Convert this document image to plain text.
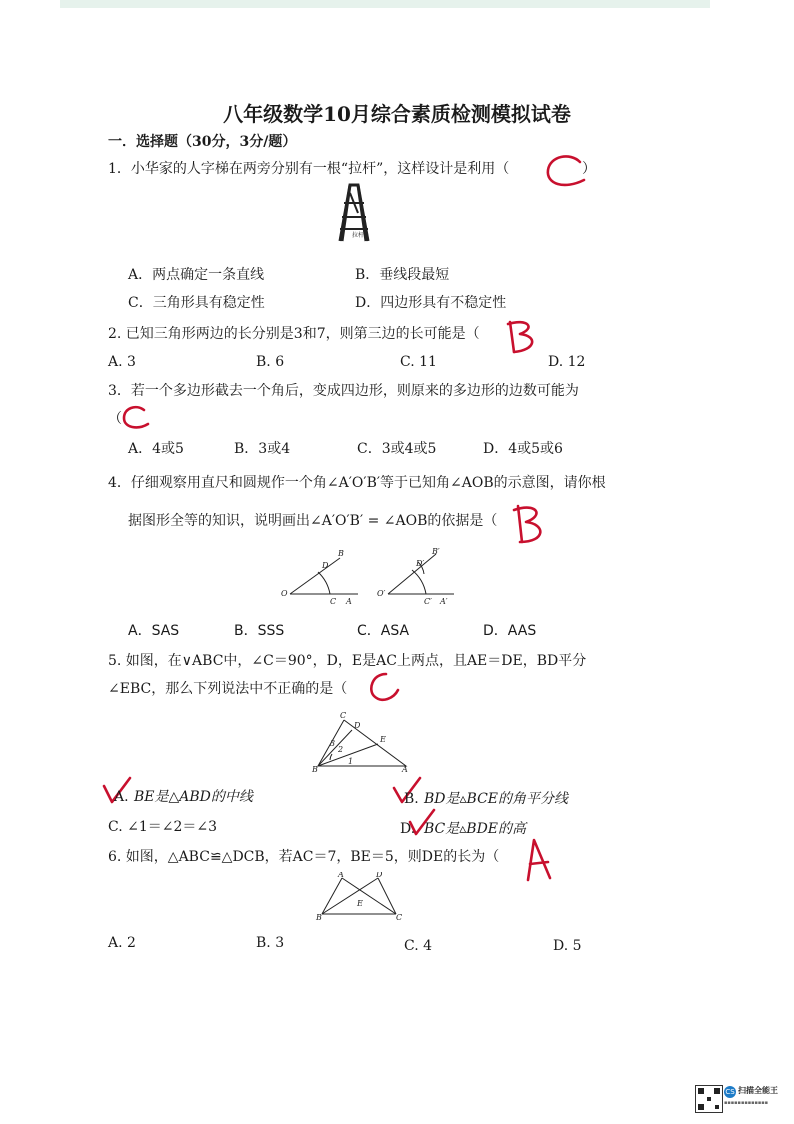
八年级数学10月综合素质检测模拟试卷
一．选择题（30分，3分/题）
1．小华家的人字梯在两旁分别有一根“拉杆”，这样设计是利用（	）
拉杆
A．两点确定一条直线	B．垂线段最短
C．三角形具有稳定性	D．四边形具有不稳定性
2. 已知三角形两边的长分别是3和7，则第三边的长可能是（
A. 3	B. 6	C. 11	D. 12
3．若一个多边形截去一个角后，变成四边形，则原来的多边形的边数可能为
（
A．4或5	B．3或4	C．3或4或5	D．4或5或6
4．仔细观察用直尺和圆规作一个角∠A′O′B′等于已知角∠AOB的示意图，请你根
据图形全等的知识，说明画出∠A′O′B′ = ∠AOB的依据是（
O
C A
D
B
O′
C′ A′
D′
B′
A．SAS	B．SSS	C．ASA	D．AAS
5. 如图，在∨ABC中，∠C＝90°，D，E是AC上两点，且AE＝DE，BD平分
∠EBC，那么下列说法中不正确的是（
C
D
E
A
B
1
2
3
A. BE是△ABD的中线	B. BD是▵BCE的角平分线
C. ∠1＝∠2＝∠3	D. BC是▵BDE的高
6. 如图，△ABC≌△DCB，若AC＝7，BE＝5，则DE的长为（
A	D
E
B	C
A. 2	B. 3	C. 4	D. 5
CS 扫描全能王
▪▪▪▪▪▪▪▪▪▪▪▪▪
